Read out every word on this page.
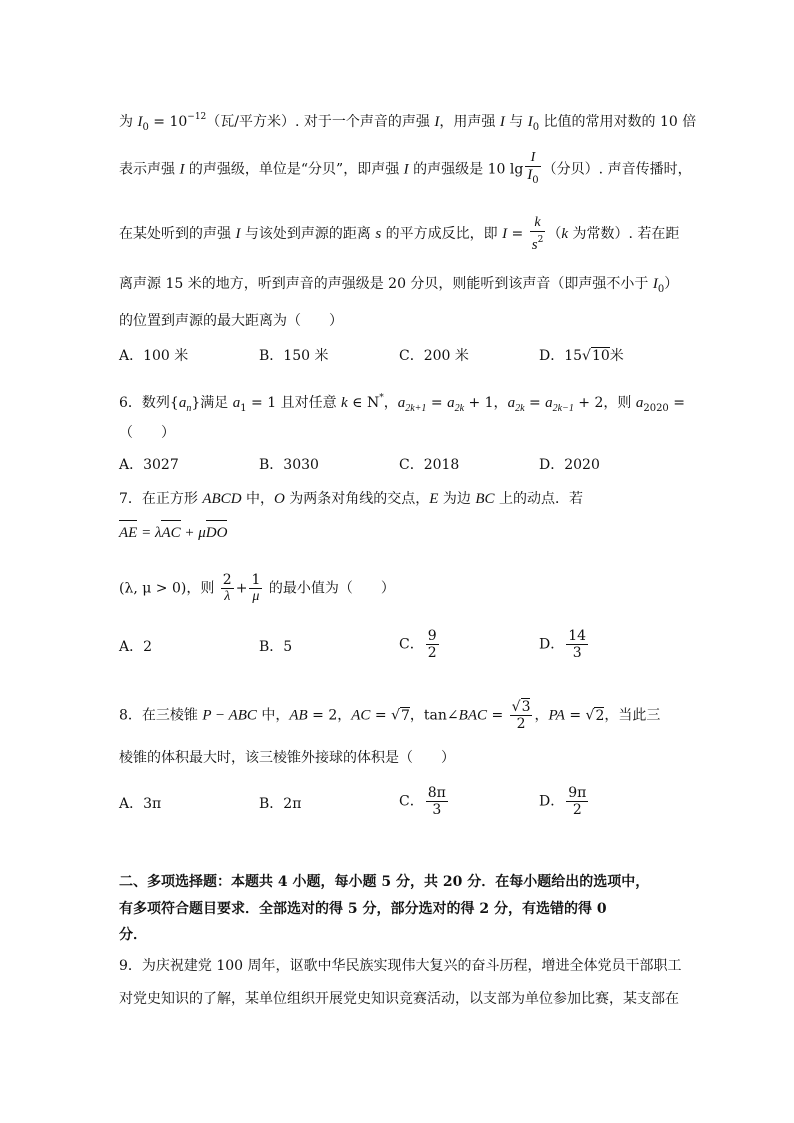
为 $I_0 = 10^{-12}$（瓦/平方米）. 对于一个声音的声强 I，用声强 I 与 $I_0$ 比值的常用对数的 10 倍
表示声强 I 的声强级，单位是“分贝”，即声强 I 的声强级是 10 $\lg \frac{I}{I_0}$ （分贝）. 声音传播时，
在某处听到的声强 I 与该处到声源的距离 s 的平方成反比，即 $I = \frac{k}{s^2} (k$ 为常数）. 若在距
离声源 15 米的地方，听到声音的声强级是 20 分贝，则能听到该声音（即声强不小于 $I_0$）
的位置到声源的最大距离为（　　）
A．100 米	B．150 米	C．200 米	D．15√10米
6．数列$\{a_n\}$满足 $a_1 = 1$ 且对任意 k ∈ N*，$a_{2k+1} = a_{2k} + 1$，$a_{2k} = a_{2k-1} + 2$，则 $a_{2020}$ =
（　　）
A．3027	B．3030	C．2018	D．2020
7．在正方形 ABCD 中，O 为两条对角线的交点，E 为边 BC 上的动点．若
AE = λAC + μDO
(λ, μ > 0)，则 $\frac{2}{\lambda} + \frac{1}{\mu}$ 的最小值为（　　）
A．2	B．5	C． $\frac{9}{2}$	D． $\frac{14}{3}$
8．在三棱锥 P − ABC 中，AB = 2，AC = √7，tan∠BAC = $\frac{√3}{2}$ ，PA = √2，当此三
棱锥的体积最大时，该三棱锥外接球的体积是（　　）
A．3π	B．2π	C． $\frac{8\pi}{3}$	D． $\frac{9\pi}{2}$
二、多项选择题：本题共 4 小题，每小题 5 分，共 20 分．在每小题给出的选项中，
有多项符合题目要求．全部选对的得 5 分，部分选对的得 2 分，有选错的得 0
分．
9．为庆祝建党 100 周年，讴歌中华民族实现伟大复兴的奋斗历程，增进全体党员干部职工
对党史知识的了解，某单位组织开展党史知识竞赛活动，以支部为单位参加比赛，某支部在
